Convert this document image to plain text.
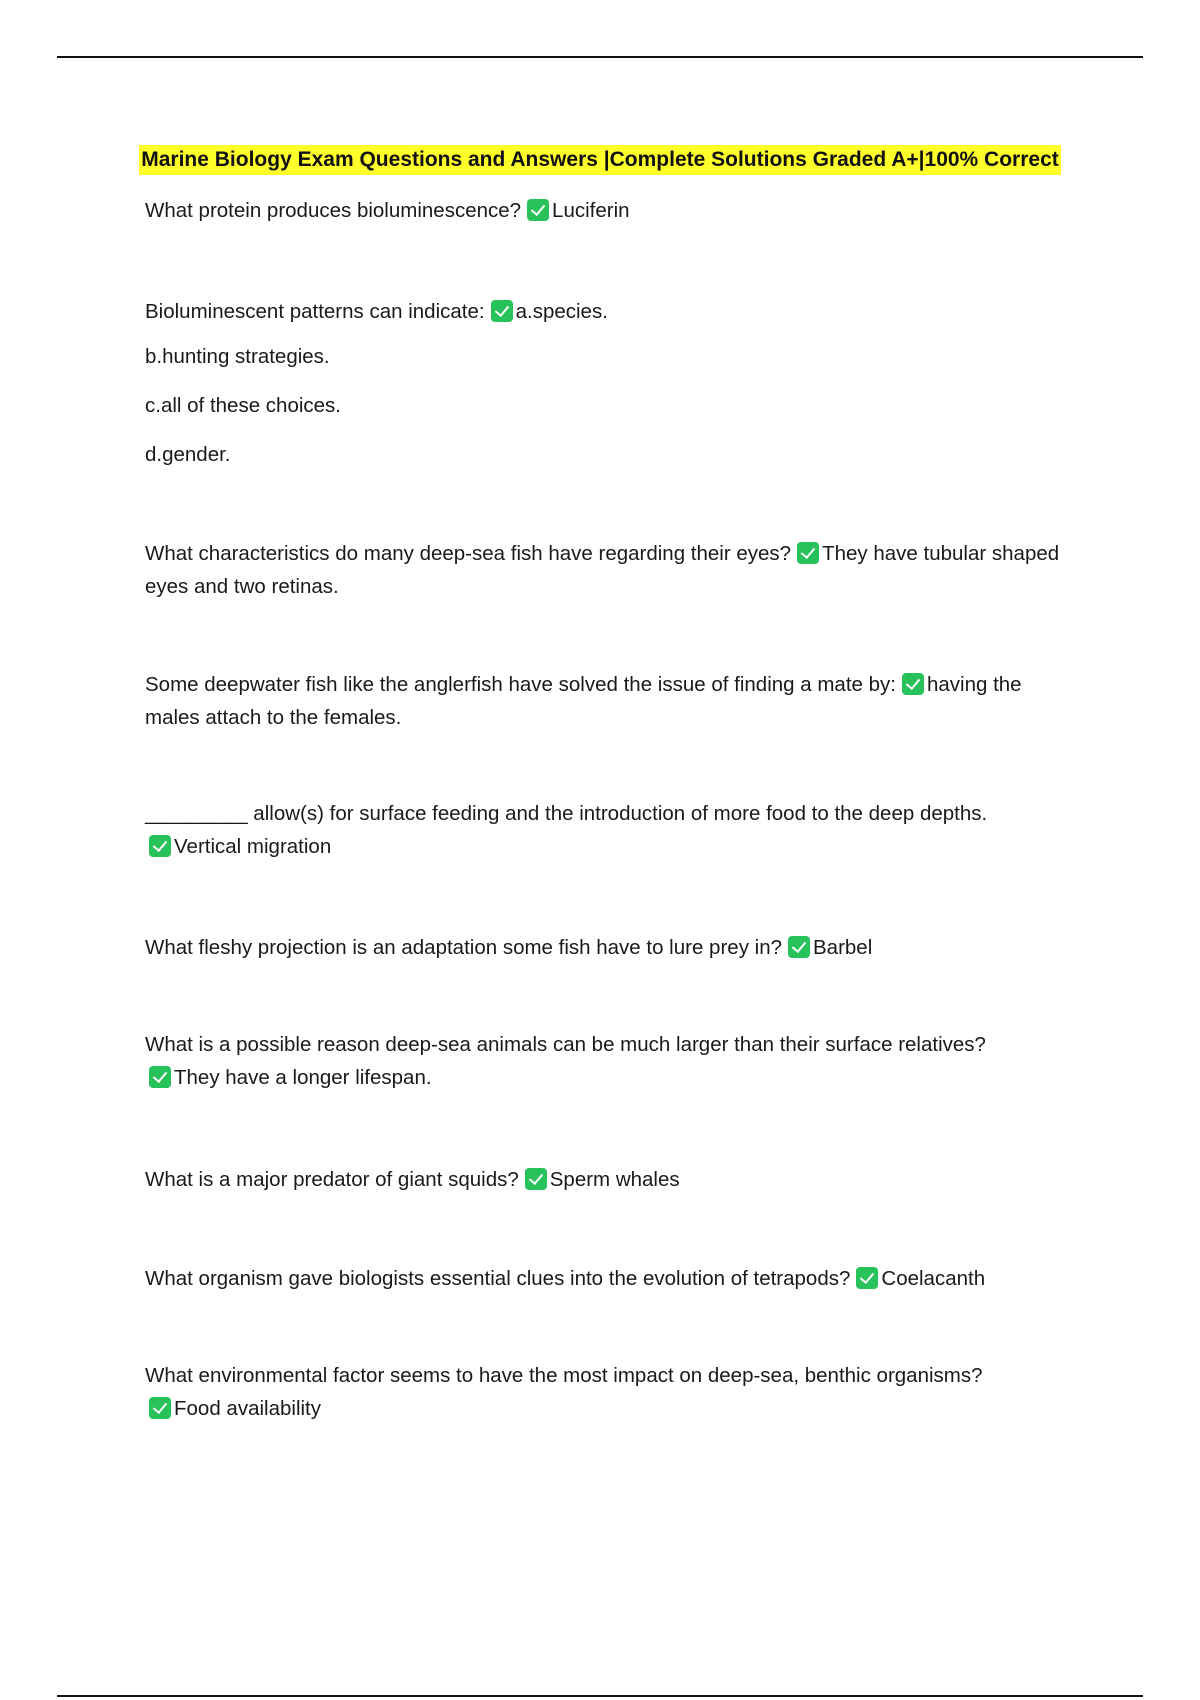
Marine Biology Exam Questions and Answers |Complete Solutions Graded A+|100% Correct

What protein produces bioluminescence? Luciferin

Bioluminescent patterns can indicate: a.species.

b.hunting strategies.
c.all of these choices.
d.gender.

What characteristics do many deep-sea fish have regarding their eyes? They have tubular shaped eyes and two retinas.

Some deepwater fish like the anglerfish have solved the issue of finding a mate by: having the males attach to the females.

_________ allow(s) for surface feeding and the introduction of more food to the deep depths.

Vertical migration

What fleshy projection is an adaptation some fish have to lure prey in? Barbel

What is a possible reason deep-sea animals can be much larger than their surface relatives?

They have a longer lifespan.

What is a major predator of giant squids? Sperm whales

What organism gave biologists essential clues into the evolution of tetrapods? Coelacanth

What environmental factor seems to have the most impact on deep-sea, benthic organisms?

Food availability
